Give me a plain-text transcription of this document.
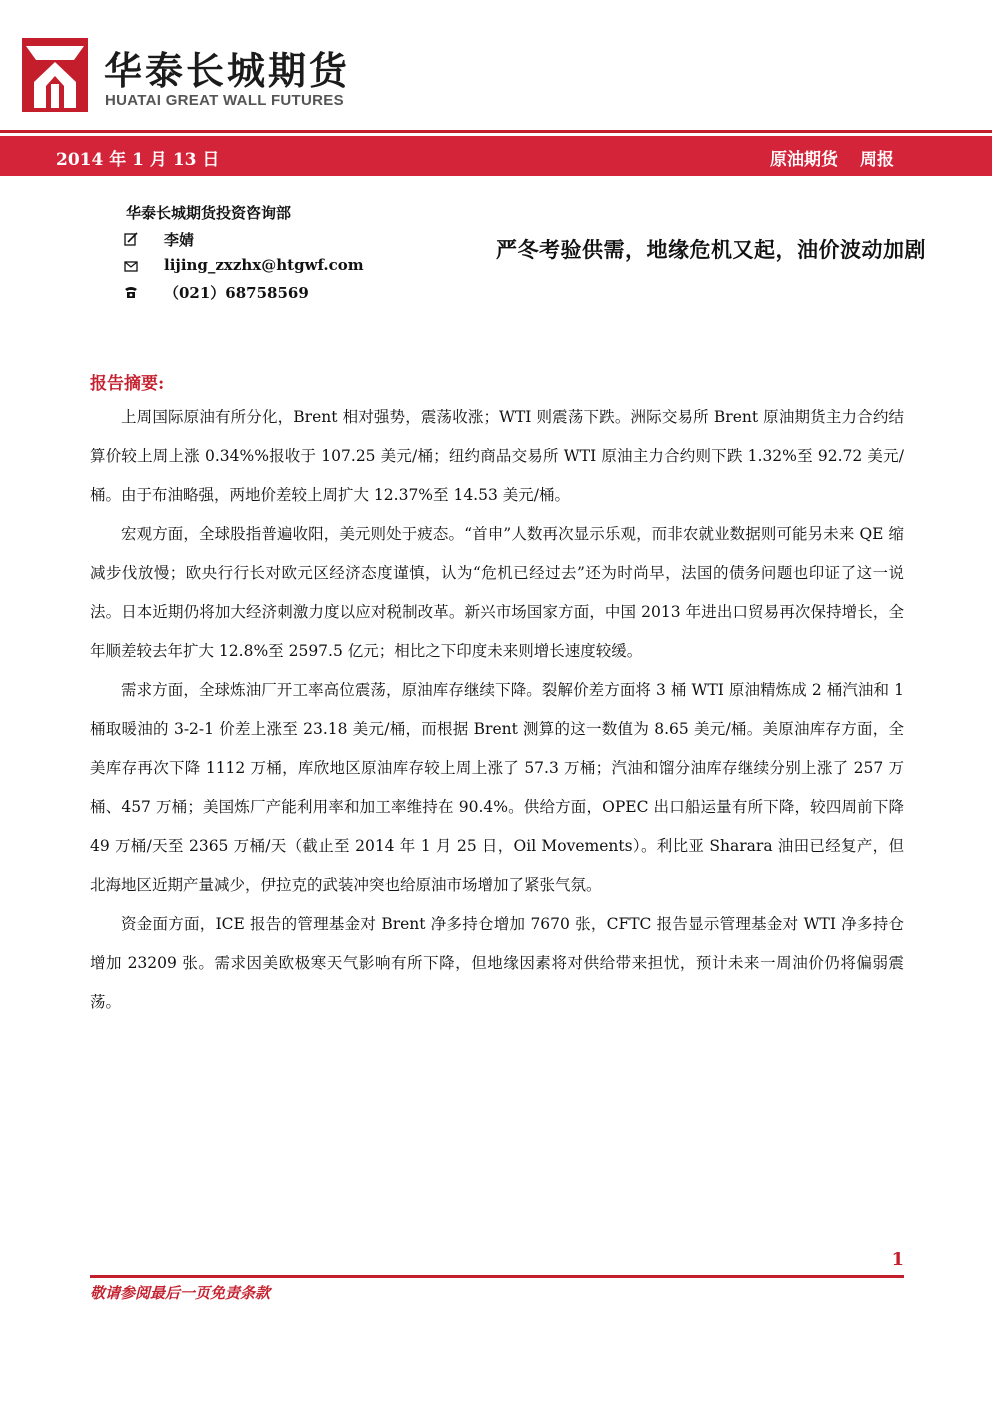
华泰长城期货
HUATAI GREAT WALL FUTURES
2014 年 1 月 13 日	原油期货 周报
华泰长城期货投资咨询部
李婧
lijing_zxzhx@htgwf.com
（021）68758569
严冬考验供需，地缘危机又起，油价波动加剧
报告摘要:

上周国际原油有所分化，Brent 相对强势，震荡收涨；WTI 则震荡下跌。洲际交易所 Brent 原油期货主力合约结算价较上周上涨 0.34%%报收于 107.25 美元/桶；纽约商品交易所 WTI 原油主力合约则下跌 1.32%至 92.72 美元/桶。由于布油略强，两地价差较上周扩大 12.37%至 14.53 美元/桶。

宏观方面，全球股指普遍收阳，美元则处于疲态。“首申”人数再次显示乐观，而非农就业数据则可能另未来 QE 缩减步伐放慢；欧央行行长对欧元区经济态度谨慎，认为“危机已经过去”还为时尚早，法国的债务问题也印证了这一说法。日本近期仍将加大经济刺激力度以应对税制改革。新兴市场国家方面，中国 2013 年进出口贸易再次保持增长，全年顺差较去年扩大 12.8%至 2597.5 亿元；相比之下印度未来则增长速度较缓。

需求方面，全球炼油厂开工率高位震荡，原油库存继续下降。裂解价差方面将 3 桶 WTI 原油精炼成 2 桶汽油和 1 桶取暖油的 3-2-1 价差上涨至 23.18 美元/桶，而根据 Brent 测算的这一数值为 8.65 美元/桶。美原油库存方面，全美库存再次下降 1112 万桶，库欣地区原油库存较上周上涨了 57.3 万桶；汽油和馏分油库存继续分别上涨了 257 万桶、457 万桶；美国炼厂产能利用率和加工率维持在 90.4%。供给方面，OPEC 出口船运量有所下降，较四周前下降 49 万桶/天至 2365 万桶/天（截止至 2014 年 1 月 25 日，Oil Movements）。利比亚 Sharara 油田已经复产，但北海地区近期产量减少，伊拉克的武装冲突也给原油市场增加了紧张气氛。

资金面方面，ICE 报告的管理基金对 Brent 净多持仓增加 7670 张，CFTC 报告显示管理基金对 WTI 净多持仓增加 23209 张。需求因美欧极寒天气影响有所下降，但地缘因素将对供给带来担忧，预计未来一周油价仍将偏弱震荡。

1
敬请参阅最后一页免责条款
